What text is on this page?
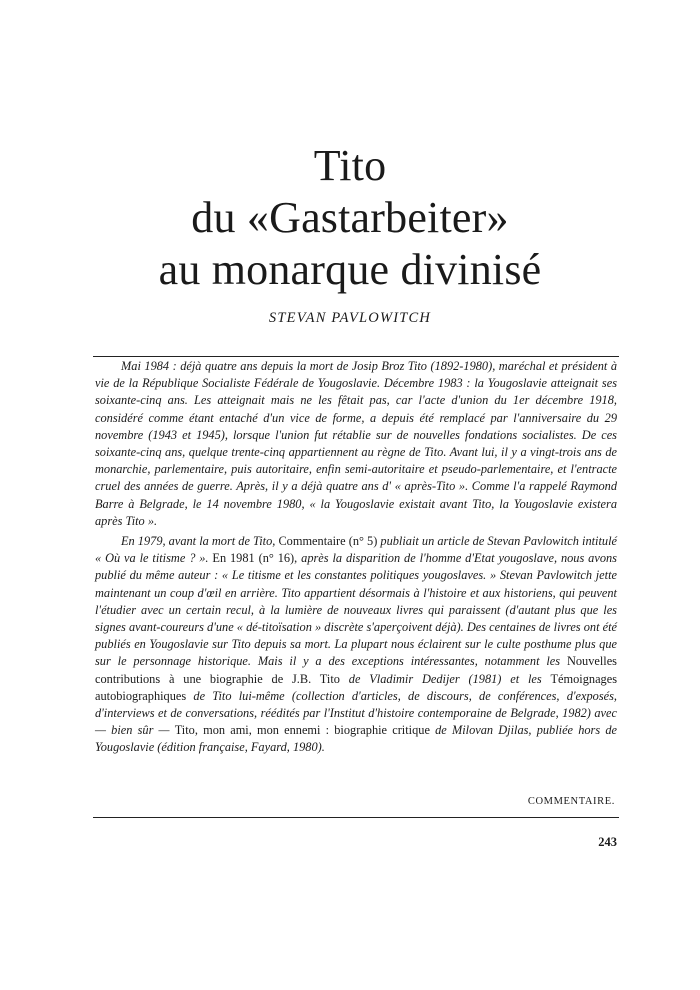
Tito
du «Gastarbeiter»
au monarque divinisé
STEVAN PAVLOWITCH

Mai 1984 : déjà quatre ans depuis la mort de Josip Broz Tito (1892-1980), maréchal et président à vie de la République Socialiste Fédérale de Yougoslavie. Décembre 1983 : la Yougoslavie atteignait ses soixante-cinq ans. Les atteignait mais ne les fêtait pas, car l'acte d'union du 1er décembre 1918, considéré comme étant entaché d'un vice de forme, a depuis été remplacé par l'anniversaire du 29 novembre (1943 et 1945), lorsque l'union fut rétablie sur de nouvelles fondations socialistes. De ces soixante-cinq ans, quelque trente-cinq appartiennent au règne de Tito. Avant lui, il y a vingt-trois ans de monarchie, parlementaire, puis autoritaire, enfin semi-autoritaire et pseudo-parlementaire, et l'entracte cruel des années de guerre. Après, il y a déjà quatre ans d' « après-Tito ». Comme l'a rappelé Raymond Barre à Belgrade, le 14 novembre 1980, « la Yougoslavie existait avant Tito, la Yougoslavie existera après Tito ».

En 1979, avant la mort de Tito, Commentaire (n° 5) publiait un article de Stevan Pavlowitch intitulé « Où va le titisme ? ». En 1981 (n° 16), après la disparition de l'homme d'Etat yougoslave, nous avons publié du même auteur : « Le titisme et les constantes politiques yougoslaves. » Stevan Pavlowitch jette maintenant un coup d'œil en arrière. Tito appartient désormais à l'histoire et aux historiens, qui peuvent l'étudier avec un certain recul, à la lumière de nouveaux livres qui paraissent (d'autant plus que les signes avant-coureurs d'une « dé-titoïsation » discrète s'aperçoivent déjà). Des centaines de livres ont été publiés en Yougoslavie sur Tito depuis sa mort. La plupart nous éclairent sur le culte posthume plus que sur le personnage historique. Mais il y a des exceptions intéressantes, notamment les Nouvelles contributions à une biographie de J.B. Tito de Vladimir Dedijer (1981) et les Témoignages autobiographiques de Tito lui-même (collection d'articles, de discours, de conférences, d'exposés, d'interviews et de conversations, réédités par l'Institut d'histoire contemporaine de Belgrade, 1982) avec — bien sûr — Tito, mon ami, mon ennemi : biographie critique de Milovan Djilas, publiée hors de Yougoslavie (édition française, Fayard, 1980).

COMMENTAIRE.
243
